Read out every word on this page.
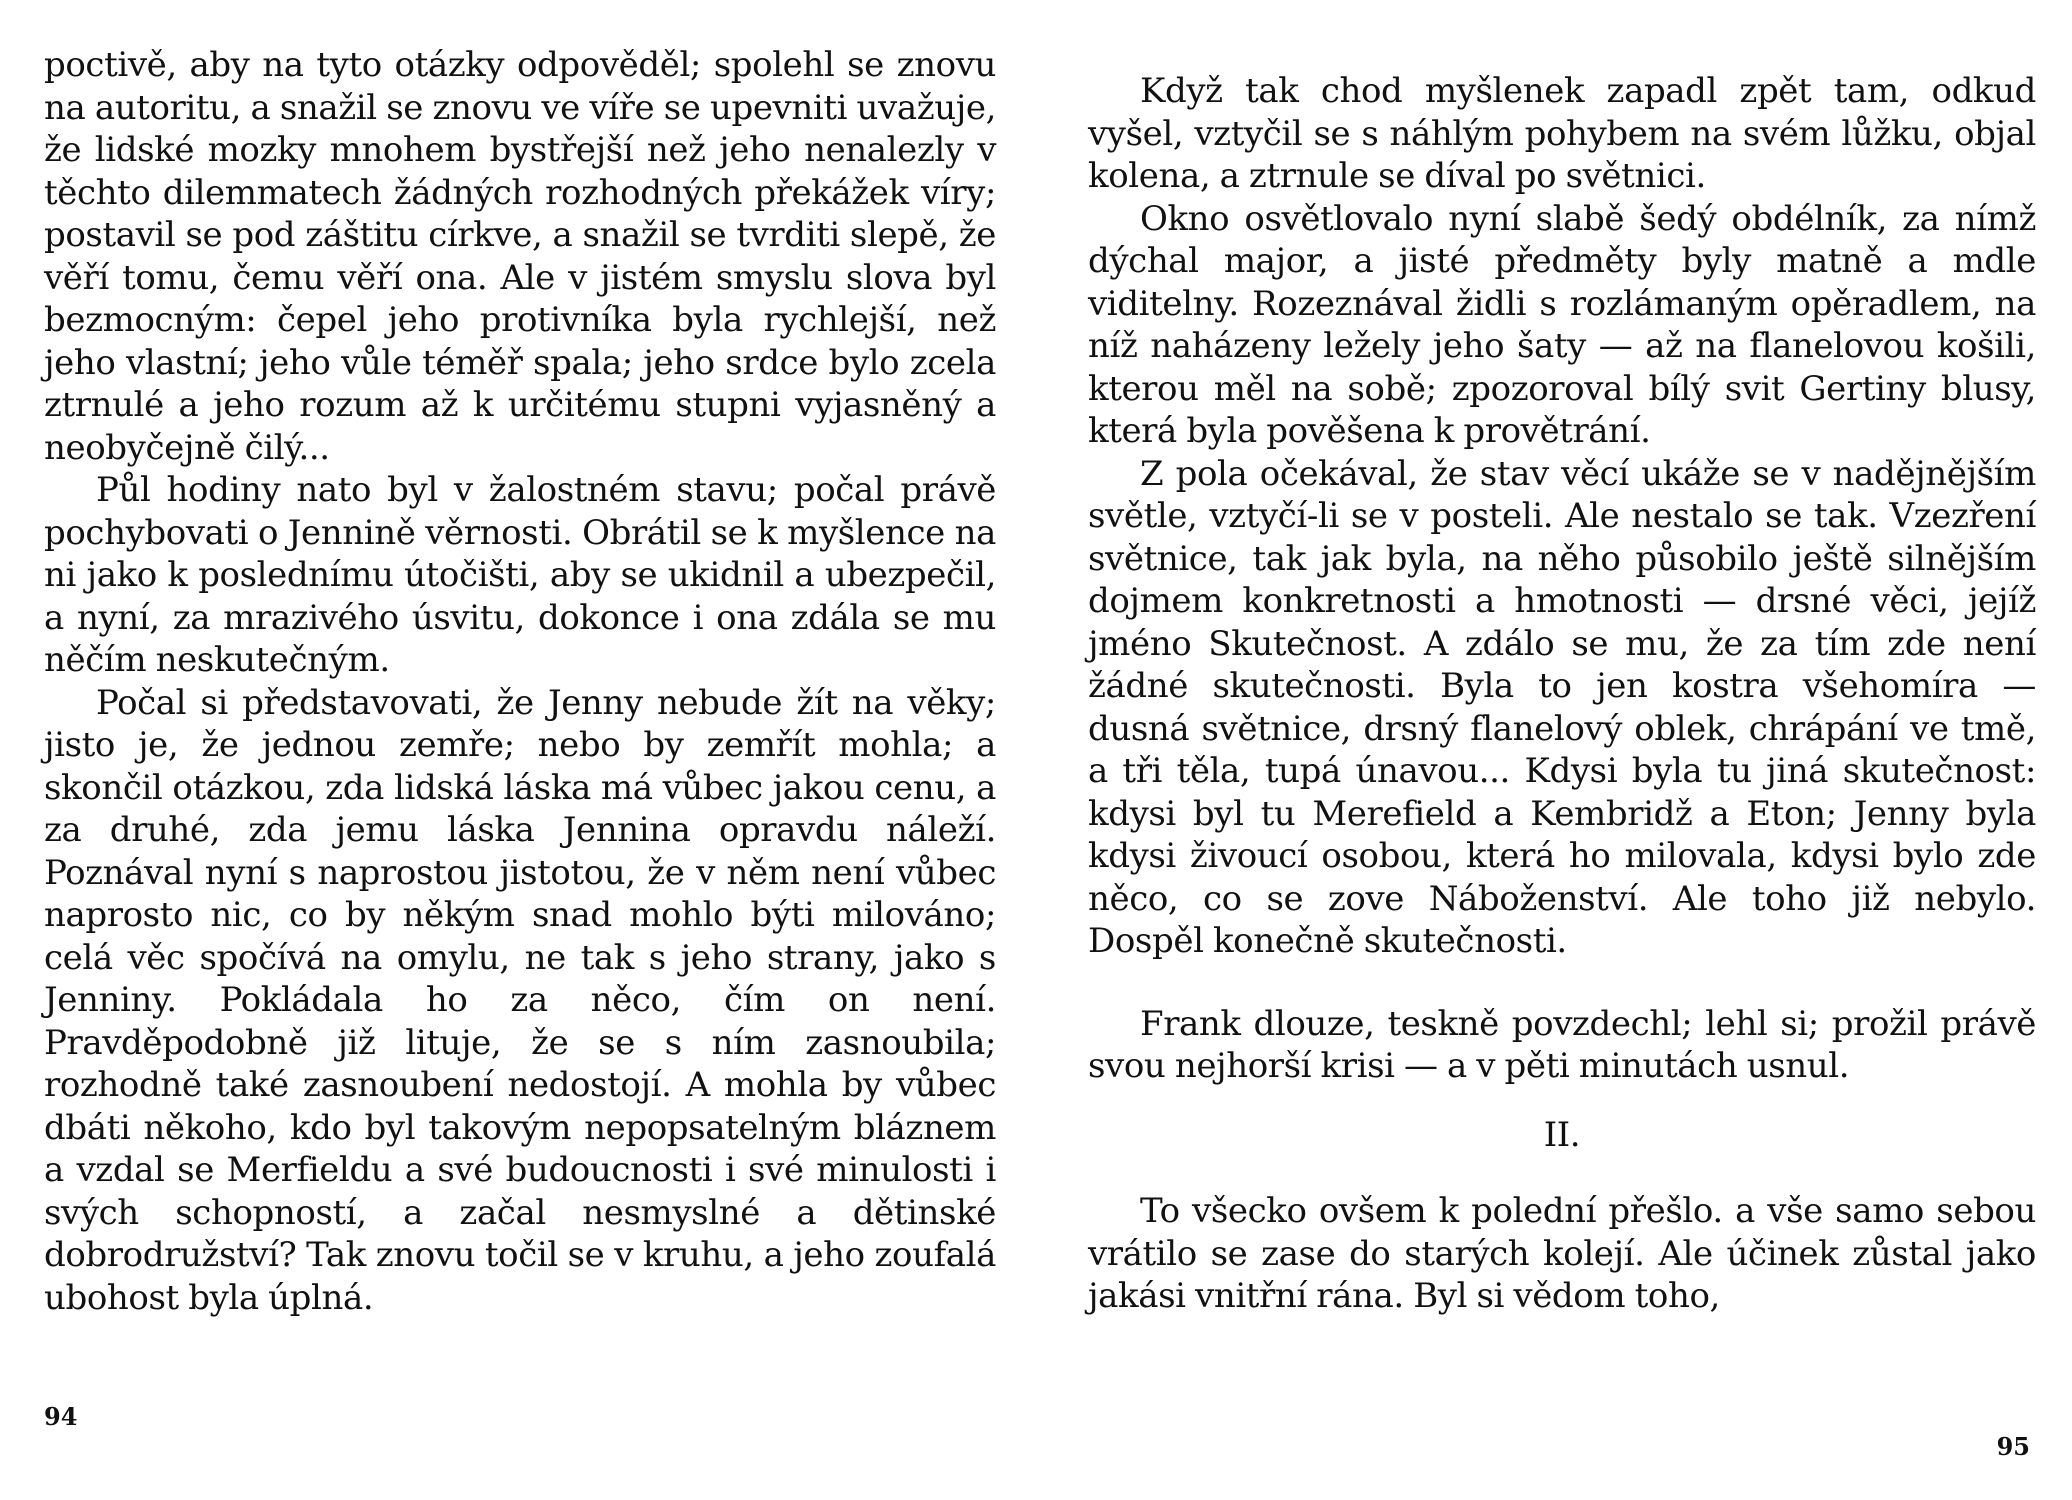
poctivě, aby na tyto otázky odpověděl; spolehl se znovu na autoritu, a snažil se znovu ve víře se upevniti uvažuje, že lidské mozky mnohem bystřejší než jeho nenalezly v těchto dilemmatech žádných rozhodných překážek víry; postavil se pod záštitu církve, a snažil se tvrditi slepě, že věří tomu, čemu věří ona. Ale v jistém smyslu slova byl bezmocným: čepel jeho protivníka byla rychlejší, než jeho vlastní; jeho vůle téměř spala; jeho srdce bylo zcela ztrnulé a jeho rozum až k určitému stupni vyjasněný a neobyčejně čilý...

Půl hodiny nato byl v žalostném stavu; počal právě pochybovati o Jennině věrnosti. Obrátil se k myšlence na ni jako k poslednímu útočišti, aby se ukidnil a ubezpečil, a nyní, za mrazivého úsvitu, dokonce i ona zdála se mu něčím neskutečným.

Počal si představovati, že Jenny nebude žít na věky; jisto je, že jednou zemře; nebo by zemřít mohla; a skončil otázkou, zda lidská láska má vůbec jakou cenu, a za druhé, zda jemu láska Jennina opravdu náleží. Poznával nyní s naprostou jistotou, že v něm není vůbec naprosto nic, co by někým snad mohlo býti milováno; celá věc spočívá na omylu, ne tak s jeho strany, jako s Jenniny. Pokládala ho za něco, čím on není. Pravděpodobně již lituje, že se s ním zasnoubila; rozhodně také zasnoubení nedostojí. A mohla by vůbec dbáti někoho, kdo byl takovým nepopsatelným bláznem a vzdal se Merfieldu a své budoucnosti i své minulosti i svých schopností, a začal nesmyslné a dětinské dobrodružství? Tak znovu točil se v kruhu, a jeho zoufalá ubohost byla úplná.

94

Když tak chod myšlenek zapadl zpět tam, odkud vyšel, vztyčil se s náhlým pohybem na svém lůžku, objal kolena, a ztrnule se díval po světnici.

Okno osvětlovalo nyní slabě šedý obdélník, za nímž dýchal major, a jisté předměty byly matně a mdle viditelny. Rozeznával židli s rozlámaným opěradlem, na níž naházeny ležely jeho šaty — až na flanelovou košili, kterou měl na sobě; zpozoroval bílý svit Gertiny blusy, která byla pověšena k provětrání.

Z pola očekával, že stav věcí ukáže se v nadějnějším světle, vztyčí-li se v posteli. Ale nestalo se tak. Vzezření světnice, tak jak byla, na něho působilo ještě silnějším dojmem konkretnosti a hmotnosti — drsné věci, jejíž jméno Skutečnost. A zdálo se mu, že za tím zde není žádné skutečnosti. Byla to jen kostra všehomíra — dusná světnice, drsný flanelový oblek, chrápání ve tmě, a tři těla, tupá únavou... Kdysi byla tu jiná skutečnost: kdysi byl tu Merefield a Kembridž a Eton; Jenny byla kdysi živoucí osobou, která ho milovala, kdysi bylo zde něco, co se zove Náboženství. Ale toho již nebylo. Dospěl konečně skutečnosti.

Frank dlouze, teskně povzdechl; lehl si; prožil právě svou nejhorší krisi — a v pěti minutách usnul.

II.

To všecko ovšem k polední přešlo. a vše samo sebou vrátilo se zase do starých kolejí. Ale účinek zůstal jako jakási vnitřní rána. Byl si vědom toho,

95
